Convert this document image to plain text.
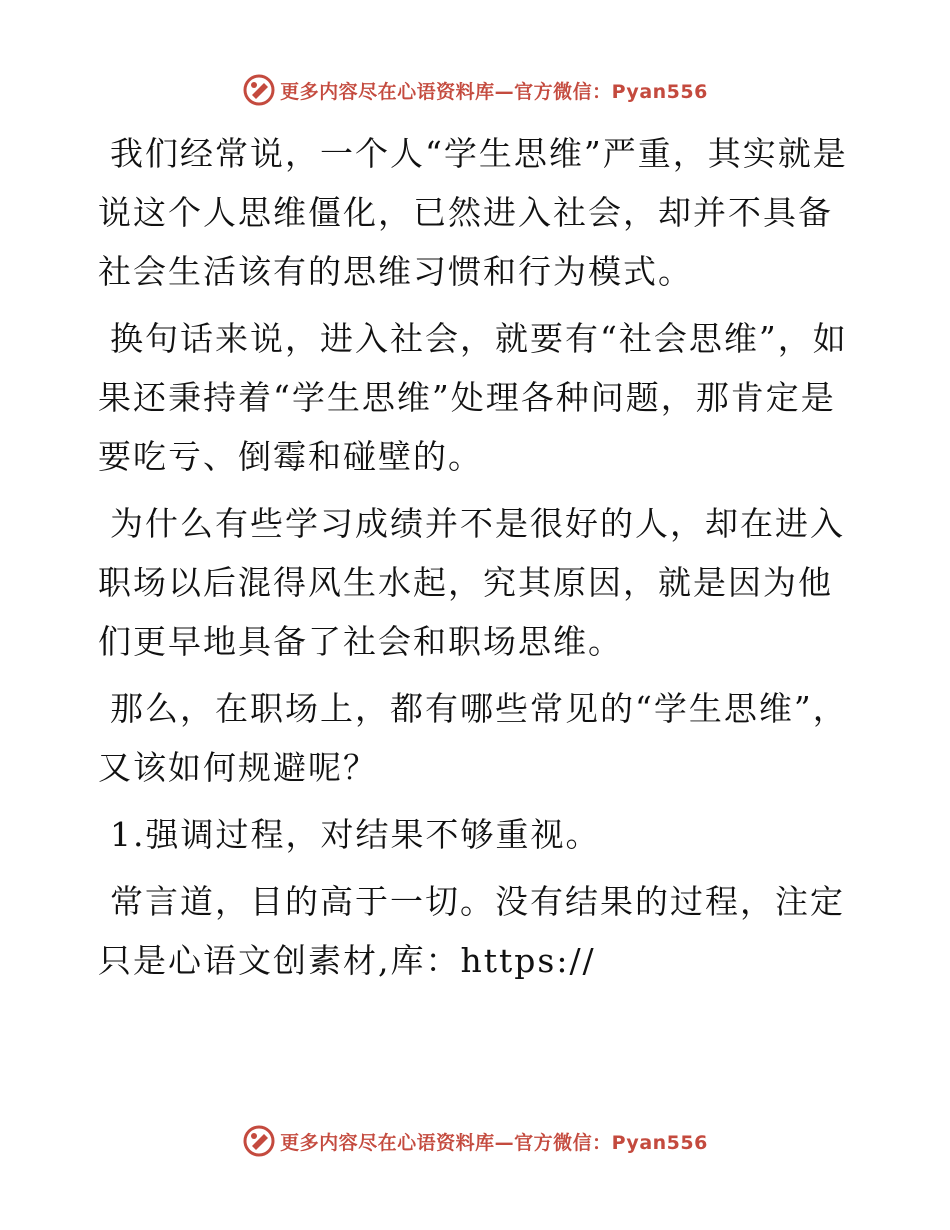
更多内容尽在心语资料库—官方微信：Pyan556

我们经常说，一个人“学生思维”严重，其实就是说这个人思维僵化，已然进入社会，却并不具备社会生活该有的思维习惯和行为模式。

换句话来说，进入社会，就要有“社会思维”，如果还秉持着“学生思维”处理各种问题，那肯定是要吃亏、倒霉和碰壁的。

为什么有些学习成绩并不是很好的人，却在进入职场以后混得风生水起，究其原因，就是因为他们更早地具备了社会和职场思维。

那么，在职场上，都有哪些常见的“学生思维”，又该如何规避呢？

1.强调过程，对结果不够重视。

常言道，目的高于一切。没有结果的过程，注定只是心语文创素材,库：https://

更多内容尽在心语资料库—官方微信：Pyan556
